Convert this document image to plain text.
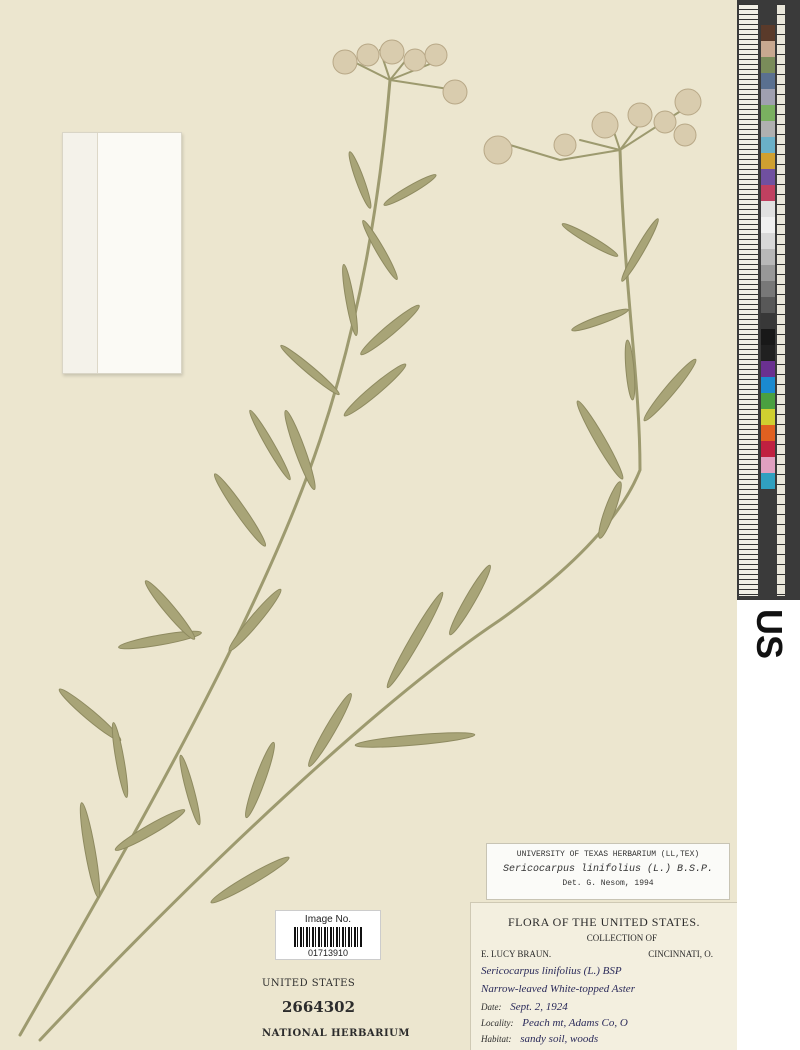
Image No.
01713910
UNITED STATES
2664302
NATIONAL HERBARIUM
UNIVERSITY OF TEXAS HERBARIUM (LL,TEX)
Sericocarpus linifolius (L.) B.S.P.
Det. G. Nesom, 1994
FLORA OF THE UNITED STATES.
COLLECTION OF
E. LUCY BRAUN.	CINCINNATI, O.
Sericocarpus linifolius (L.) BSP
Narrow-leaved White-topped Aster
Date: Sept. 2, 1924
Locality: Peach mt, Adams Co, O
Habitat: sandy soil, woods
US
